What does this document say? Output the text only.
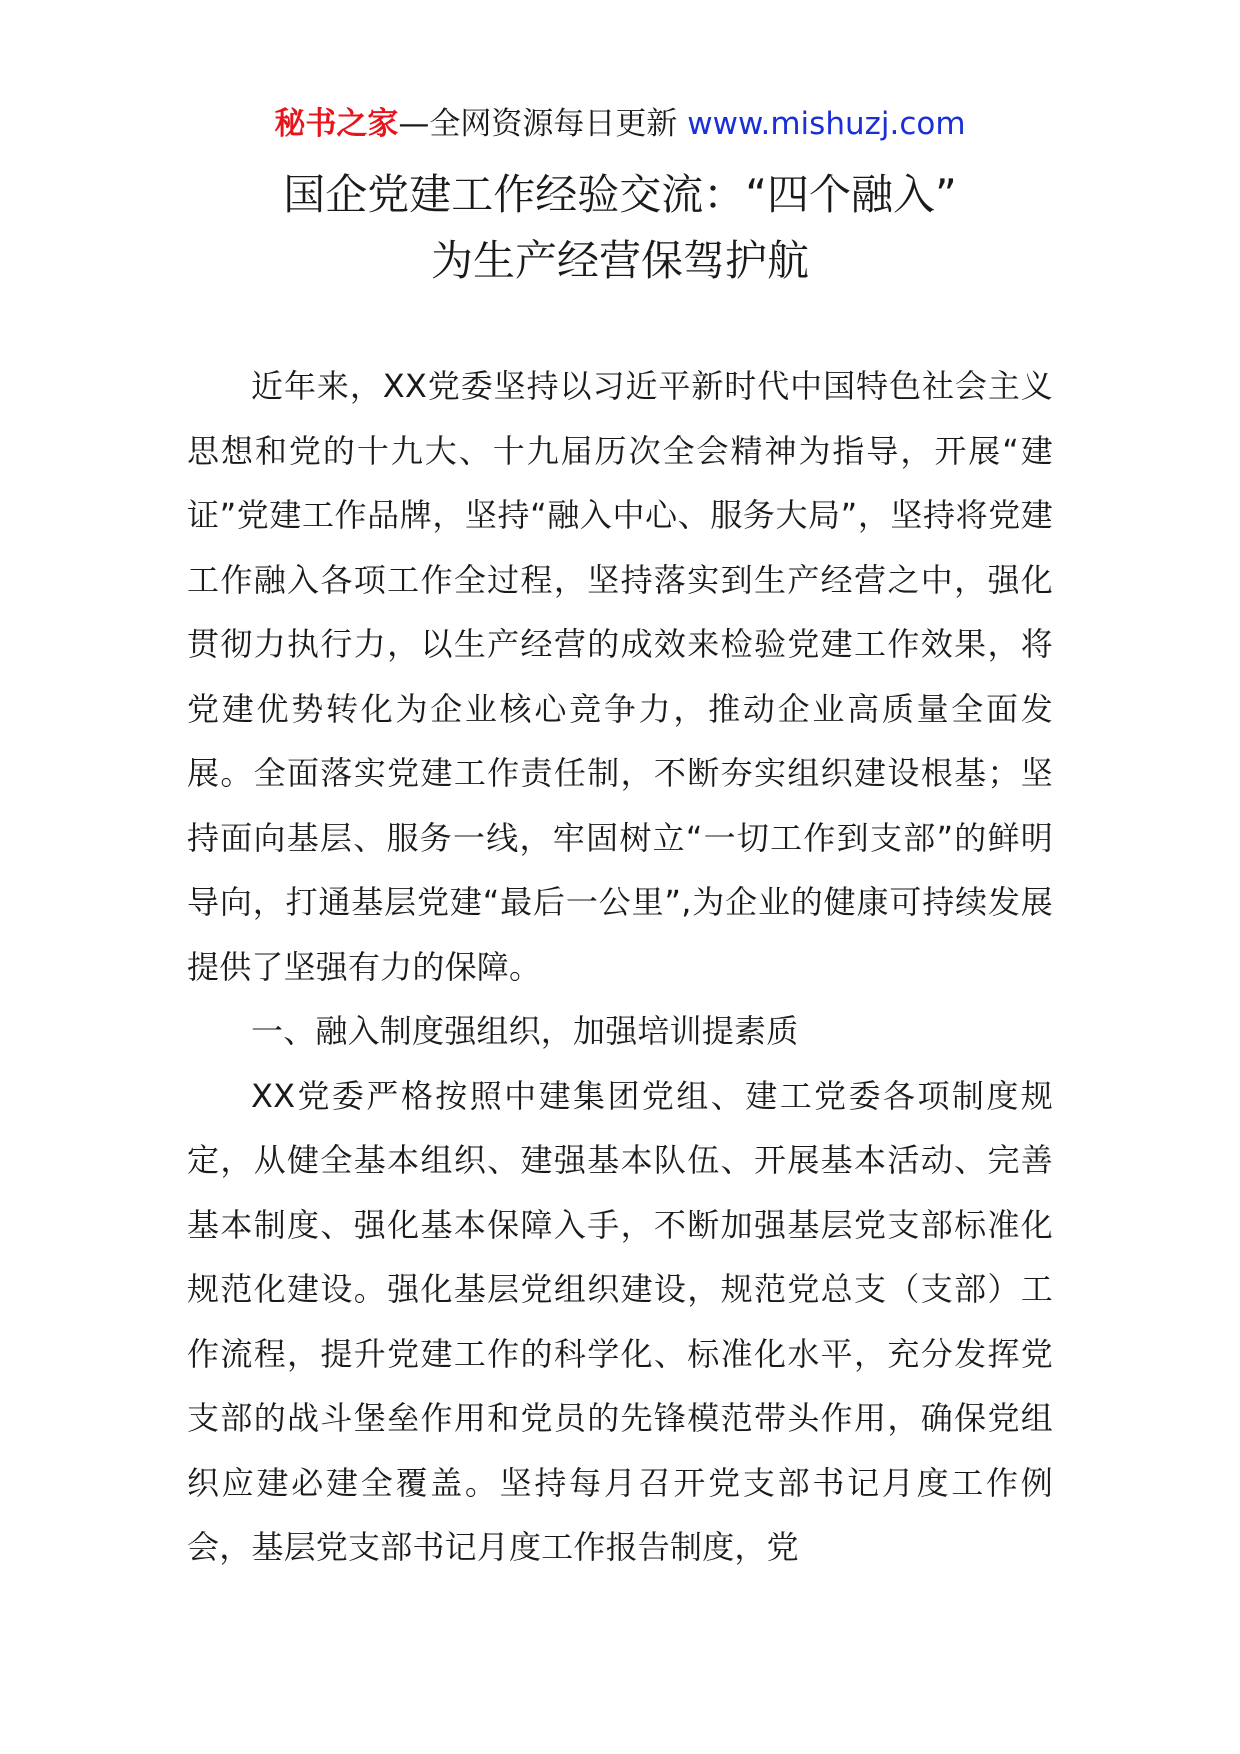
秘书之家—全网资源每日更新 www.mishuzj.com
国企党建工作经验交流：“四个融入”
为生产经营保驾护航

近年来，XX党委坚持以习近平新时代中国特色社会主义思想和党的十九大、十九届历次全会精神为指导，开展“建证”党建工作品牌，坚持“融入中心、服务大局”，坚持将党建工作融入各项工作全过程，坚持落实到生产经营之中，强化贯彻力执行力，以生产经营的成效来检验党建工作效果，将党建优势转化为企业核心竞争力，推动企业高质量全面发展。全面落实党建工作责任制，不断夯实组织建设根基；坚持面向基层、服务一线，牢固树立“一切工作到支部”的鲜明导向，打通基层党建“最后一公里”,为企业的健康可持续发展提供了坚强有力的保障。

一、融入制度强组织，加强培训提素质

XX党委严格按照中建集团党组、建工党委各项制度规定，从健全基本组织、建强基本队伍、开展基本活动、完善基本制度、强化基本保障入手，不断加强基层党支部标准化规范化建设。强化基层党组织建设，规范党总支（支部）工作流程，提升党建工作的科学化、标准化水平，充分发挥党支部的战斗堡垒作用和党员的先锋模范带头作用，确保党组织应建必建全覆盖。坚持每月召开党支部书记月度工作例会，基层党支部书记月度工作报告制度，党
